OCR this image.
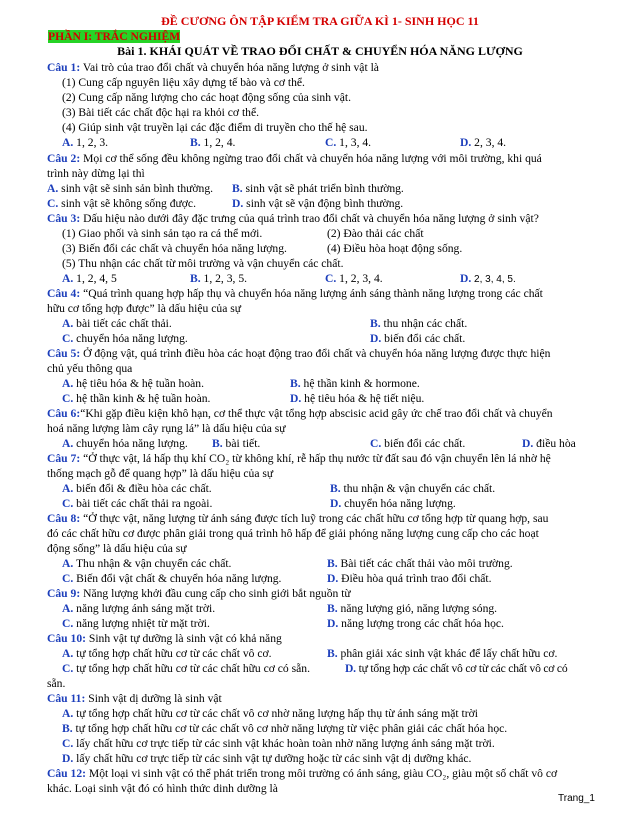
ĐỀ CƯƠNG ÔN TẬP KIỂM TRA GIỮA KÌ 1- SINH HỌC 11
PHẦN I: TRẮC NGHIỆM
Bài 1. KHÁI QUÁT VỀ TRAO ĐỔI CHẤT & CHUYỂN HÓA NĂNG LƯỢNG
Câu 1: Vai trò của trao đổi chất và chuyển hóa năng lượng ở sinh vật là
(1) Cung cấp nguyên liệu xây dựng tế bào và cơ thể.
(2) Cung cấp năng lượng cho các hoạt động sống của sinh vật.
(3) Bài tiết các chất độc hại ra khỏi cơ thể.
(4) Giúp sinh vật truyền lại các đặc điểm di truyền cho thế hệ sau.
A. 1, 2, 3.	B. 1, 2, 4.	C. 1, 3, 4.	D. 2, 3, 4.
Câu 2: Mọi cơ thể sống đều không ngừng trao đổi chất và chuyển hóa năng lượng với môi trường, khi quá
trình này dừng lại thì
A. sinh vật sẽ sinh sản bình thường. B. sinh vật sẽ phát triển bình thường.
C. sinh vật sẽ không sống được.	D. sinh vật sẽ vận động bình thường.
Câu 3: Dấu hiệu nào dưới đây đặc trưng của quá trình trao đổi chất và chuyển hóa năng lượng ở sinh vật?
(1) Giao phối và sinh sản tạo ra cá thể mới.	(2) Đào thải các chất
(3) Biến đổi các chất và chuyển hóa năng lượng.	(4) Điều hòa hoạt động sống.
(5) Thu nhận các chất từ môi trường và vận chuyển các chất.
A. 1, 2, 4, 5	B. 1, 2, 3, 5.	C. 1, 2, 3, 4.	D. 2, 3, 4, 5.
Câu 4: “Quá trình quang hợp hấp thụ và chuyển hóa năng lượng ánh sáng thành năng lượng trong các chất
hữu cơ tổng hợp được” là dấu hiệu của sự
A. bài tiết các chất thải.	B. thu nhận các chất.
C. chuyển hóa năng lượng.	D. biến đổi các chất.
Câu 5: Ở động vật, quá trình điều hòa các hoạt động trao đổi chất và chuyển hóa năng lượng được thực hiện
chủ yếu thông qua
A. hệ tiêu hóa & hệ tuần hoàn.	B. hệ thần kinh & hormone.
C. hệ thần kinh & hệ tuần hoàn.	D. hệ tiêu hóa & hệ tiết niệu.
Câu 6:“Khi gặp điều kiện khô hạn, cơ thể thực vật tổng hợp abscisic acid gây ức chế trao đổi chất và chuyển
hoá năng lượng làm cây rụng lá” là dấu hiệu của sự
A. chuyển hóa năng lượng. B. bài tiết.	C. biến đổi các chất.	D. điều hòa
Câu 7: “Ở thực vật, lá hấp thụ khí CO₂ từ không khí, rễ hấp thụ nước từ đất sau đó vận chuyển lên lá nhờ hệ
thống mạch gỗ để quang hợp” là dấu hiệu của sự
A. biến đổi & điều hòa các chất.	B. thu nhận & vận chuyển các chất.
C. bài tiết các chất thải ra ngoài.	D. chuyển hóa năng lượng.
Câu 8: “Ở thực vật, năng lượng từ ánh sáng được tích luỹ trong các chất hữu cơ tổng hợp từ quang hợp, sau
đó các chất hữu cơ được phân giải trong quá trình hô hấp để giải phóng năng lượng cung cấp cho các hoạt
động sống” là dấu hiệu của sự
A. Thu nhận & vận chuyển các chất.	B. Bài tiết các chất thải vào môi trường.
C. Biến đổi vật chất & chuyển hóa năng lượng.	D. Điều hòa quá trình trao đổi chất.
Câu 9: Năng lượng khởi đầu cung cấp cho sinh giới bắt nguồn từ
A. năng lượng ánh sáng mặt trời.	B. năng lượng gió, năng lượng sóng.
C. năng lượng nhiệt từ mặt trời.	D. năng lượng trong các chất hóa học.
Câu 10: Sinh vật tự dưỡng là sinh vật có khả năng
A. tự tổng hợp chất hữu cơ từ các chất vô cơ.	B. phân giải xác sinh vật khác để lấy chất hữu cơ.
C. tự tổng hợp chất hữu cơ từ các chất hữu cơ có sẵn.	D. tự tổng hợp các chất vô cơ từ các chất vô cơ có
sẵn.
Câu 11: Sinh vật dị dưỡng là sinh vật
A. tự tổng hợp chất hữu cơ từ các chất vô cơ nhờ năng lượng hấp thụ từ ánh sáng mặt trời
B. tự tổng hợp chất hữu cơ từ các chất vô cơ nhờ năng lượng từ việc phân giải các chất hóa học.
C. lấy chất hữu cơ trực tiếp từ các sinh vật khác hoàn toàn nhờ năng lượng ánh sáng mặt trời.
D. lấy chất hữu cơ trực tiếp từ các sinh vật tự dưỡng hoặc từ các sinh vật dị dưỡng khác.
Câu 12: Một loại vi sinh vật có thể phát triển trong môi trường có ánh sáng, giàu CO₂, giàu một số chất vô cơ
khác. Loại sinh vật đó có hình thức dinh dưỡng là
Trang_1
